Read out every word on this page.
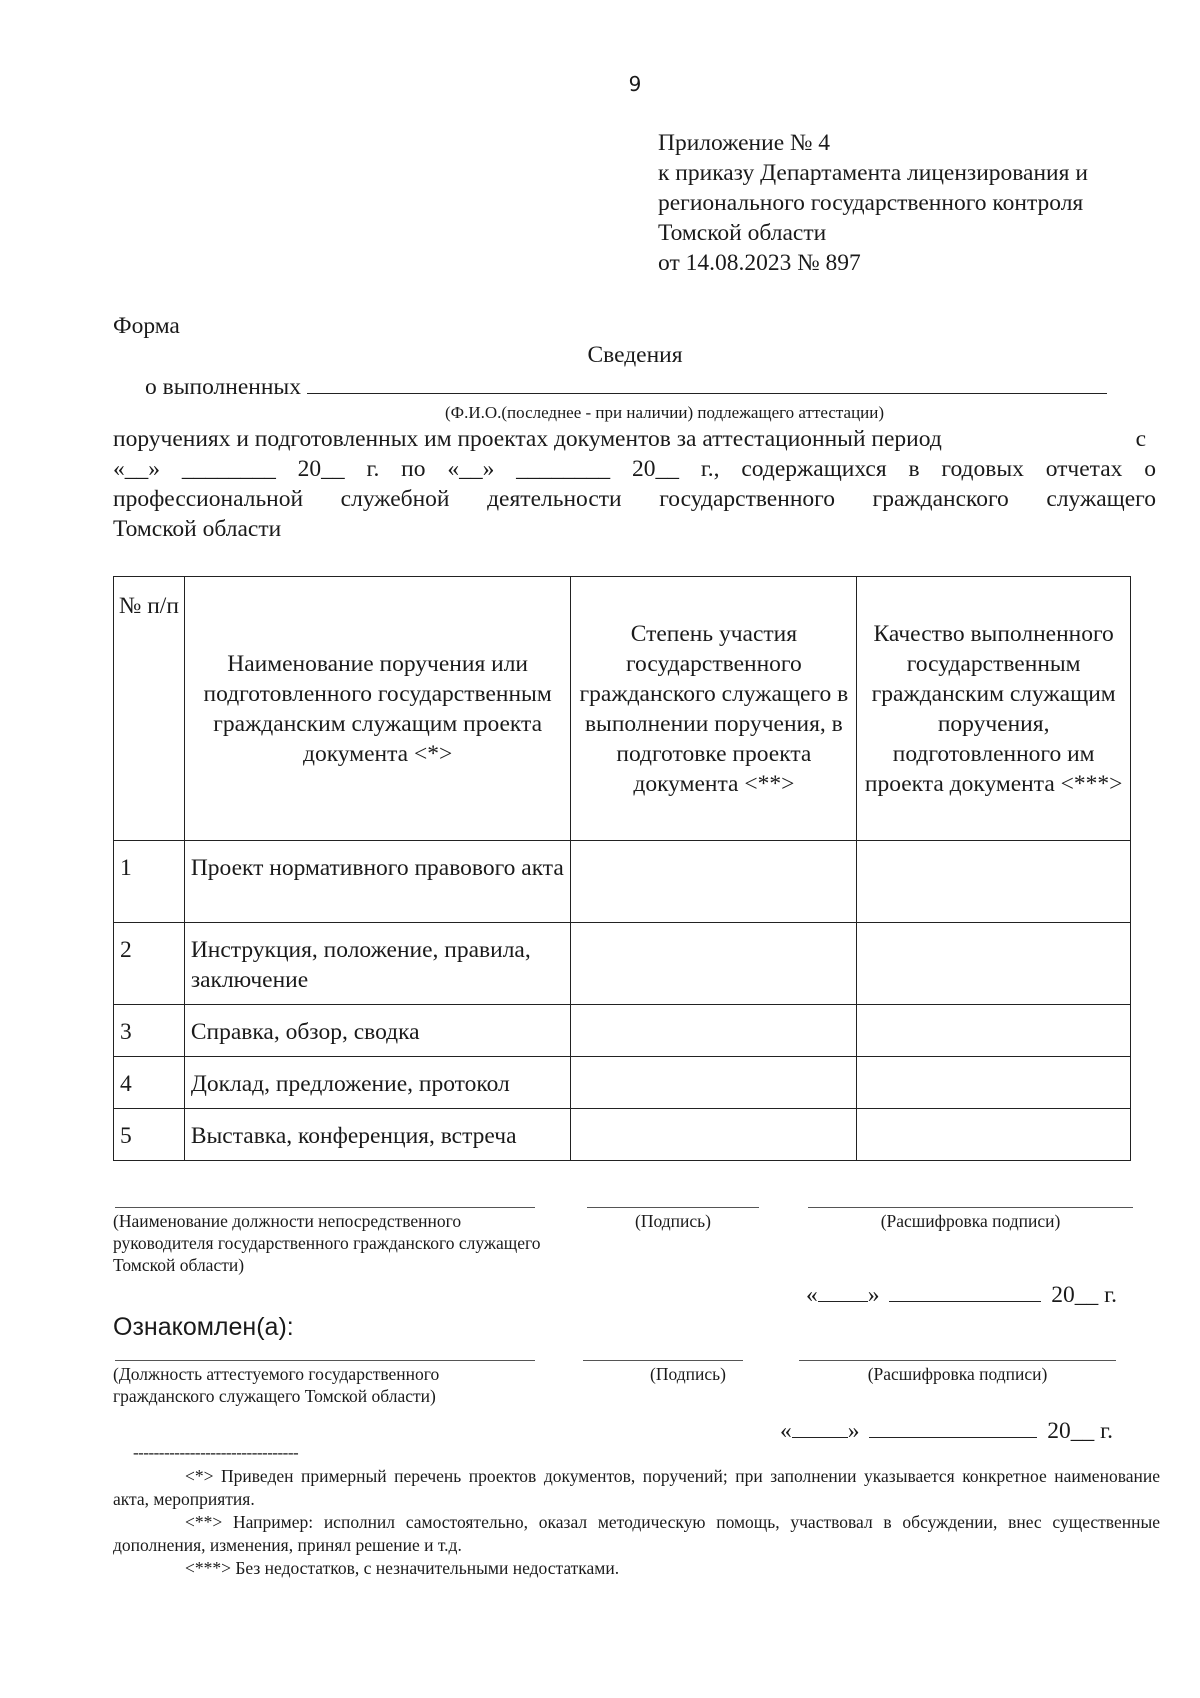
9
Приложение № 4
к приказу Департамента лицензирования и
регионального государственного контроля
Томской области
от 14.08.2023 № 897
Форма
Сведения
о выполненных
(Ф.И.О.(последнее - при наличии) подлежащего аттестации)
поручениях и подготовленных им проектах документов за аттестационный период	с
«__» ________ 20__ г. по «__» ________ 20__ г., содержащихся в годовых отчетах о
профессиональной служебной деятельности государственного гражданского служащего
Томской области
№ п/п	Наименование поручения или подготовленного государственным гражданским служащим проекта документа <*>	Степень участия государственного гражданского служащего в выполнении поручения, в подготовке проекта документа <**>	Качество выполненного государственным гражданским служащим поручения, подготовленного им проекта документа <***>
1	Проект нормативного правового акта		
2	Инструкция, положение, правила, заключение		
3	Справка, обзор, сводка		
4	Доклад, предложение, протокол		
5	Выставка, конференция, встреча		
(Наименование должности непосредственного руководителя государственного гражданского служащего Томской области)
(Подпись)	(Расшифровка подписи)
« »	20__ г.
Ознакомлен(а):
(Должность аттестуемого государственного гражданского служащего Томской области)
(Подпись)	(Расшифровка подписи)
« »	20__ г.
--------------------------------

<*> Приведен примерный перечень проектов документов, поручений; при заполнении указывается конкретное наименование акта, мероприятия.

<**> Например: исполнил самостоятельно, оказал методическую помощь, участвовал в обсуждении, внес существенные дополнения, изменения, принял решение и т.д.

<***> Без недостатков, с незначительными недостатками.
